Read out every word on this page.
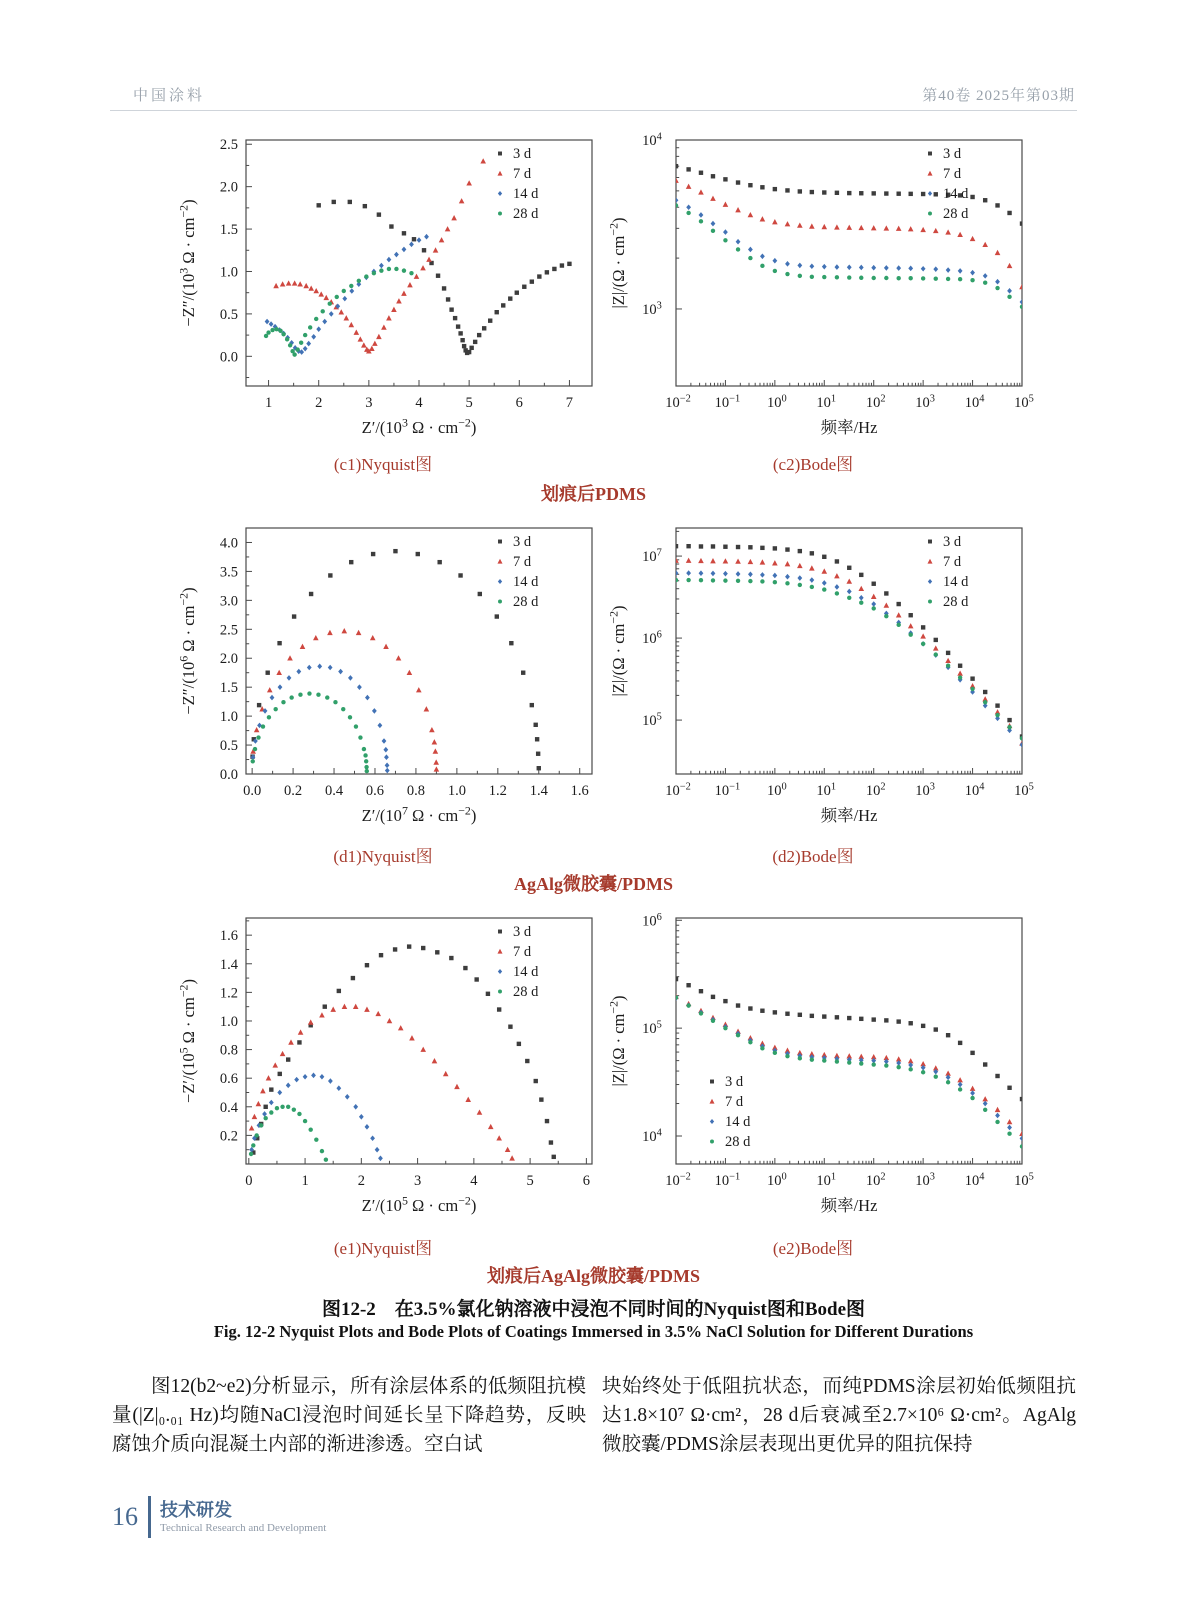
中国涂料	第40卷 2025年第03期
1	2	3	4	5	6	7
0.0
0.5
1.0
1.5
2.0
2.5
3 d
7 d
14 d
28 d
$Z'/(10^3$ $\Omega \cdot cm^{-2}$)
$-Z''/(10^3$ $\Omega \cdot cm^{-2}$)
$10^{-2}$ $10^{-1}$ $10^0$ $10^1$ $10^2$ $10^3$ $10^4$ $10^5$
$10^3$
$10^4$
3 d
7 d
14 d
28 d
频率/Hz
$|Z|/(\Omega \cdot cm^{-2})$
(c1)Nyquist图	(c2)Bode图
划痕后PDMS
0.0 0.2 0.4 0.6 0.8 1.0 1.2 1.4 1.6
0.0
0.5
1.0
1.5
2.0
2.5
3.0
3.5
4.0	3 d
7 d
14 d
28 d
$Z'/(10^7$ $\Omega \cdot cm^{-2}$)
$-Z''/(10^6$ $\Omega \cdot cm^{-2}$)
$10^{-2}$ $10^{-1}$ $10^0$ $10^1$ $10^2$ $10^3$ $10^4$ $10^5$
$10^5$
$10^6$
$10^7$
3 d
7 d
14 d
28 d
频率/Hz
$|Z|/(\Omega \cdot cm^{-2})$
(d1)Nyquist图	(d2)Bode图
AgAlg微胶囊/PDMS
0	1	2	3	4	5	6
0.2
0.4
0.6
0.8
1.0
1.2
1.4
1.6	3 d
7 d
14 d
28 d
$Z'/(10^5$ $\Omega \cdot cm^{-2}$)
$-Z'/(10^5$ $\Omega \cdot cm^{-2}$)
$10^{-2}$ $10^{-1}$ $10^0$ $10^1$ $10^2$ $10^3$ $10^4$ $10^5$
$10^4$
$10^5$
$10^6$
3 d
7 d
14 d
28 d
频率/Hz
$|Z|/(\Omega \cdot cm^{-2})$
(e1)Nyquist图	(e2)Bode图
划痕后AgAlg微胶囊/PDMS
图12-2　在3.5%氯化钠溶液中浸泡不同时间的Nyquist图和Bode图
Fig. 12-2 Nyquist Plots and Bode Plots of Coatings Immersed in 3.5% NaCl Solution for Different Durations
图12(b2~e2)分析显示，所有涂层体系的低频阻抗模量(|Z|₀.₀₁ Hz)均随NaCl浸泡时间延长呈下降趋势，反映腐蚀介质向混凝土内部的渐进渗透。空白试
块始终处于低阻抗状态，而纯PDMS涂层初始低频阻抗达1.8×10⁷ Ω·cm²，28 d后衰减至2.7×10⁶ Ω·cm²。AgAlg微胶囊/PDMS涂层表现出更优异的阻抗保持
16 技术研发
Technical Research and Development
